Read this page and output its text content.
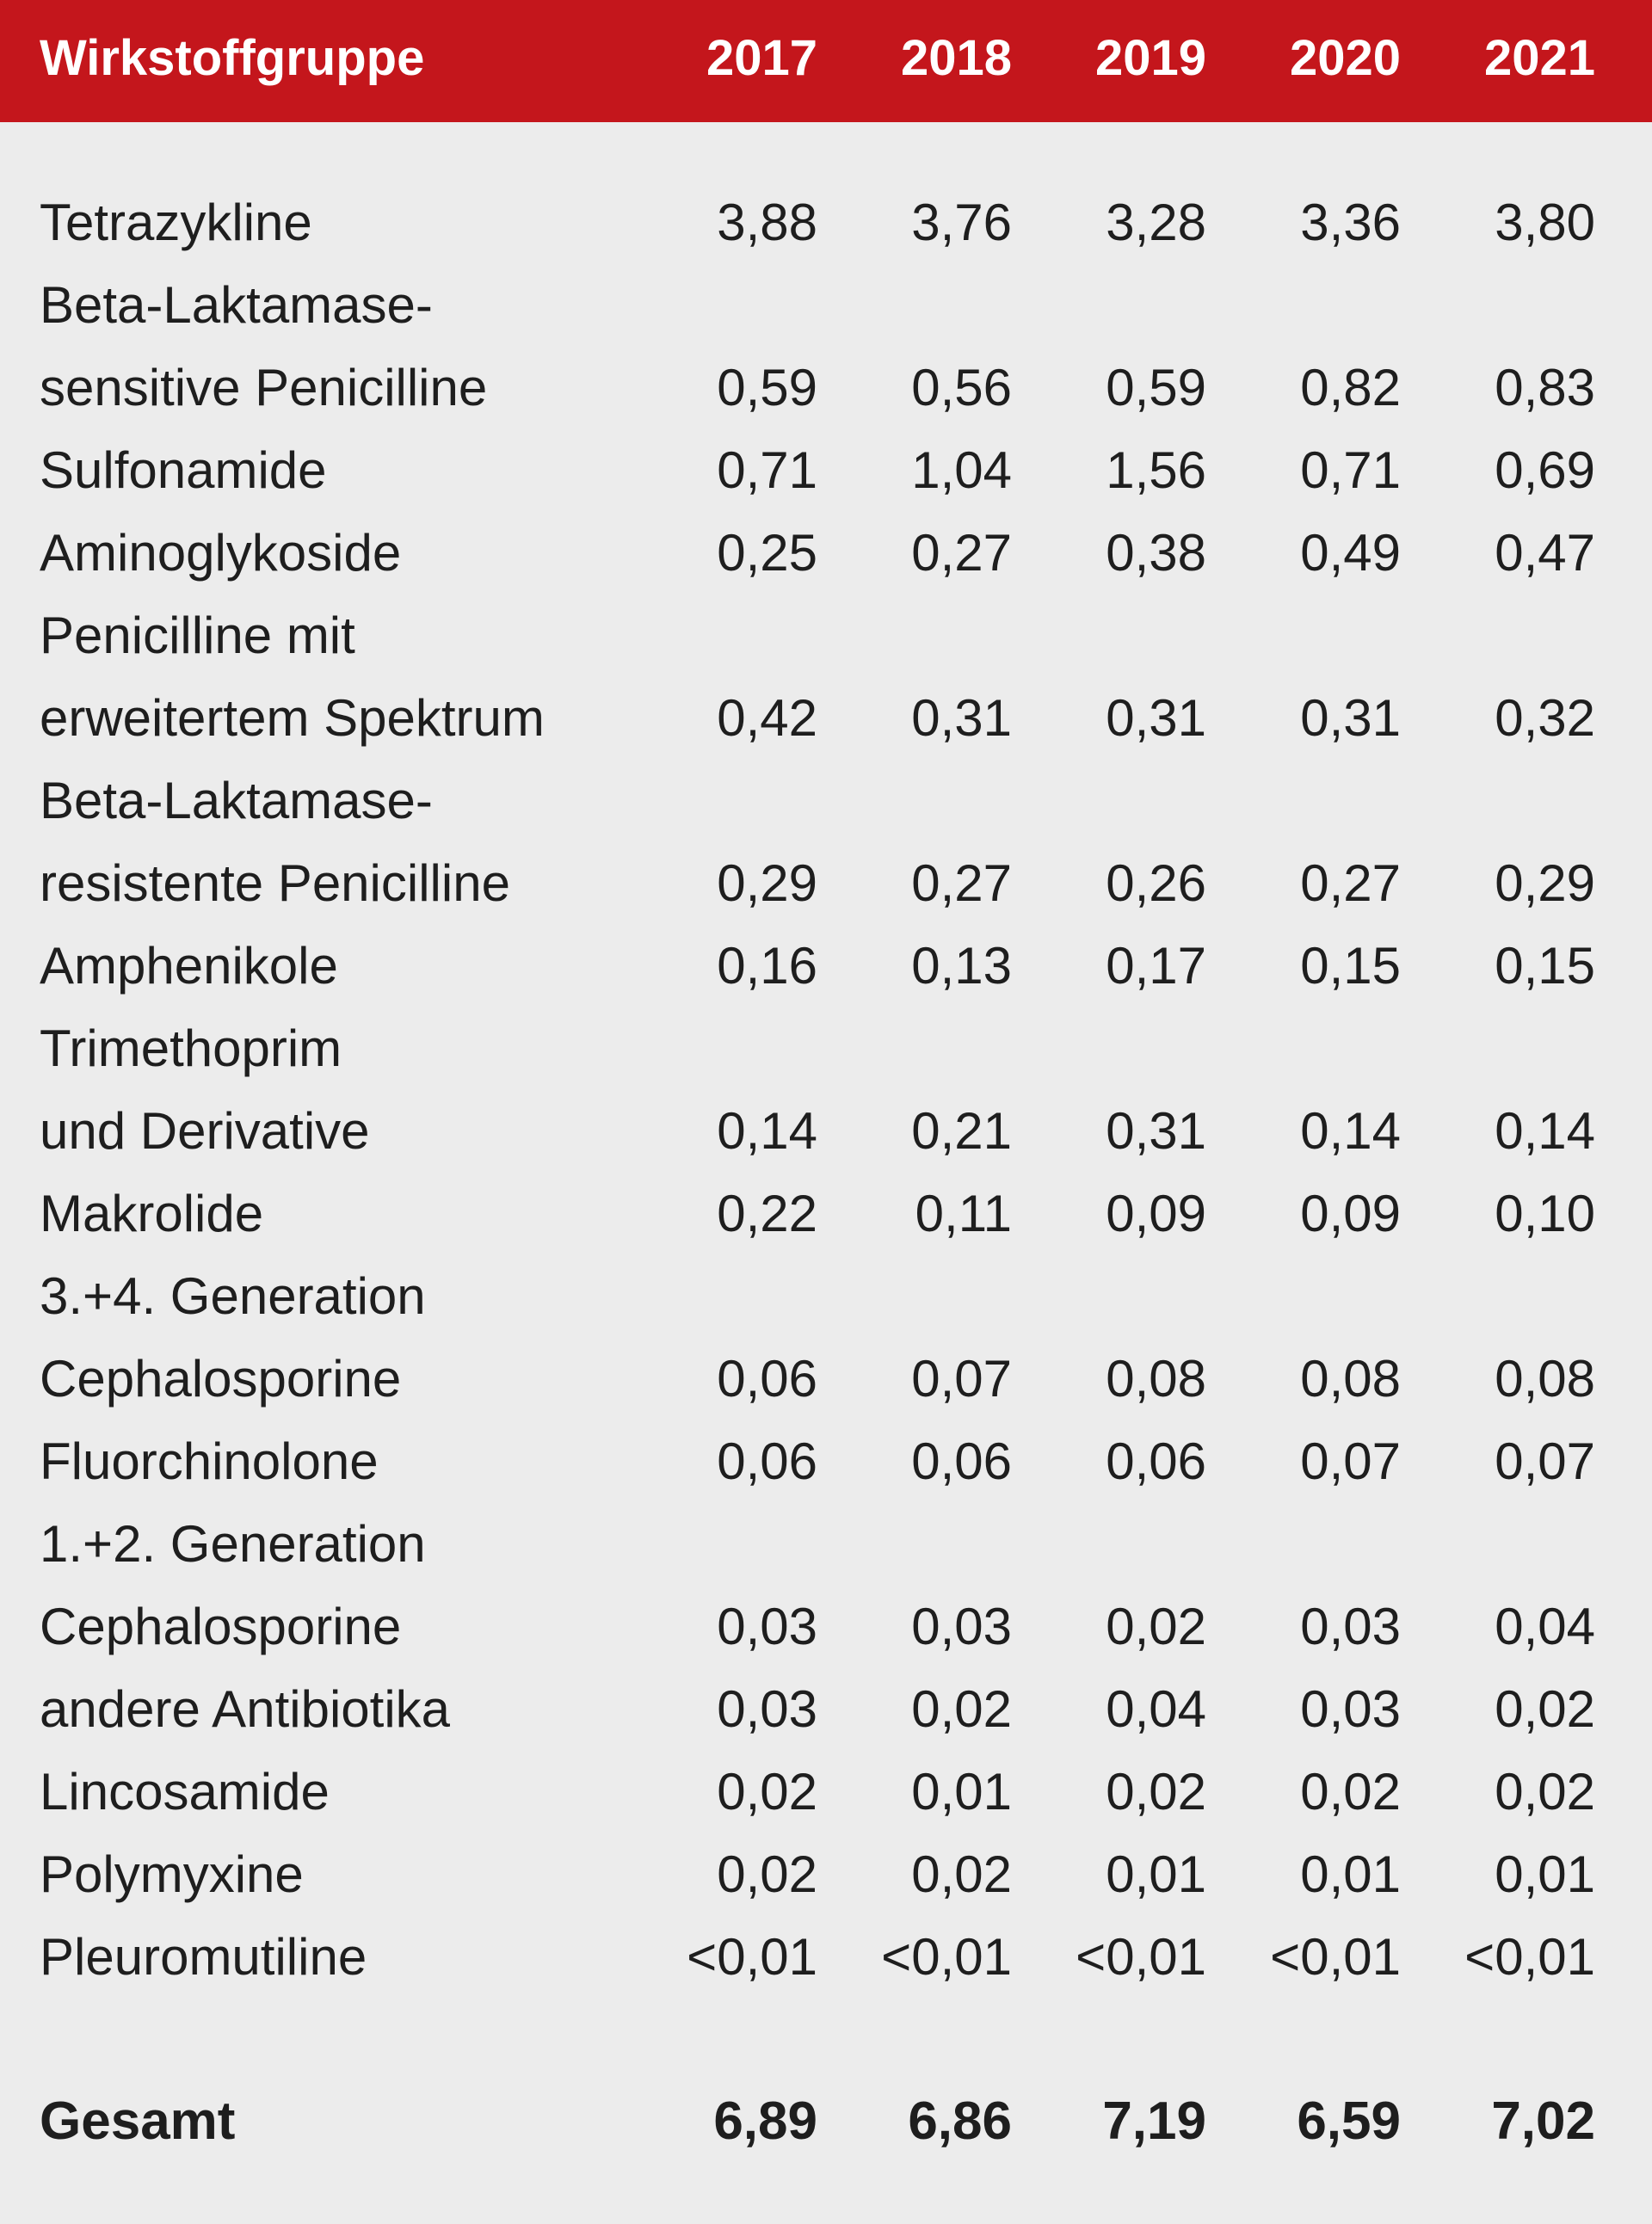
Wirkstoffgruppe	2017	2018	2019	2020	2021
Tetrazykline	3,88	3,76	3,28	3,36	3,80
Beta-Laktamase-
sensitive Penicilline	0,59	0,56	0,59	0,82	0,83
Sulfonamide	0,71	1,04	1,56	0,71	0,69
Aminoglykoside	0,25	0,27	0,38	0,49	0,47
Penicilline mit
erweitertem Spektrum	0,42	0,31	0,31	0,31	0,32
Beta-Laktamase-
resistente Penicilline	0,29	0,27	0,26	0,27	0,29
Amphenikole	0,16	0,13	0,17	0,15	0,15
Trimethoprim
und Derivative	0,14	0,21	0,31	0,14	0,14
Makrolide	0,22	0,11	0,09	0,09	0,10
3.+4. Generation
Cephalosporine	0,06	0,07	0,08	0,08	0,08
Fluorchinolone	0,06	0,06	0,06	0,07	0,07
1.+2. Generation
Cephalosporine	0,03	0,03	0,02	0,03	0,04
andere Antibiotika	0,03	0,02	0,04	0,03	0,02
Lincosamide	0,02	0,01	0,02	0,02	0,02
Polymyxine	0,02	0,02	0,01	0,01	0,01
Pleuromutiline	<0,01	<0,01	<0,01	<0,01	<0,01
Gesamt	6,89	6,86	7,19	6,59	7,02
